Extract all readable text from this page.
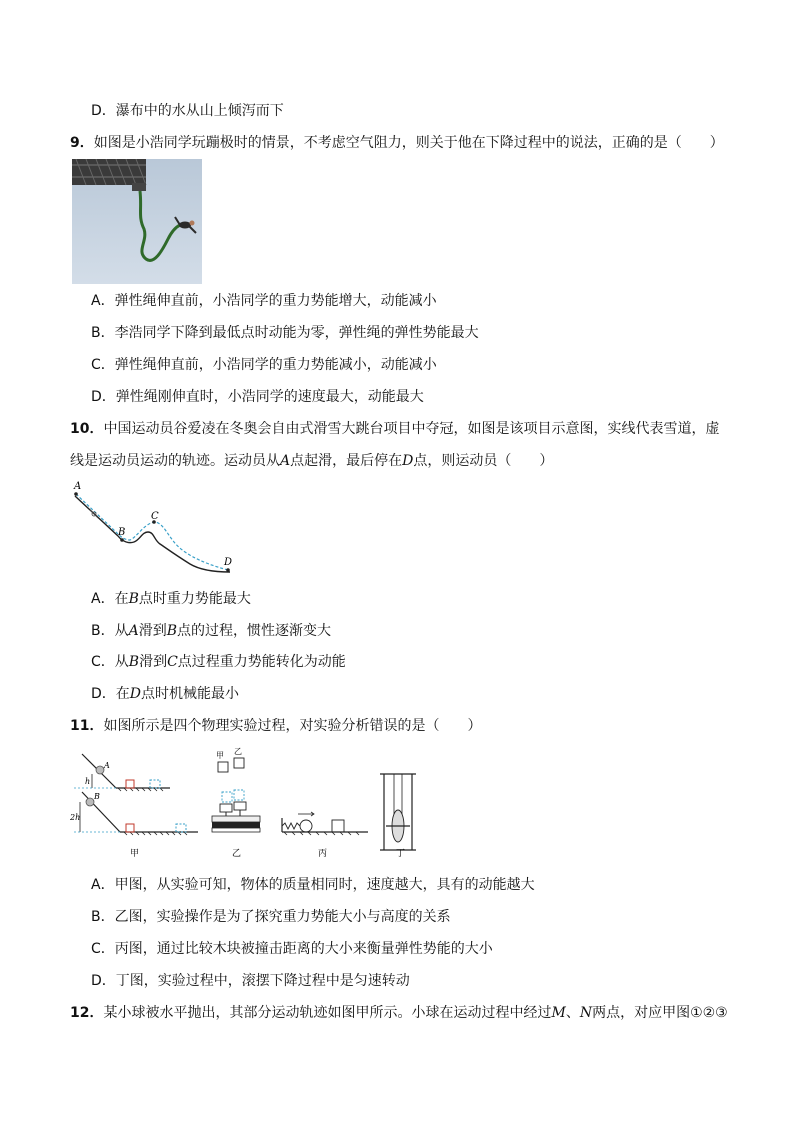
D．瀑布中的水从山上倾泻而下
9．如图是小浩同学玩蹦极时的情景，不考虑空气阻力，则关于他在下降过程中的说法，正确的是（　　）
A．弹性绳伸直前，小浩同学的重力势能增大，动能减小
B．李浩同学下降到最低点时动能为零，弹性绳的弹性势能最大
C．弹性绳伸直前，小浩同学的重力势能减小，动能减小
D．弹性绳刚伸直时，小浩同学的速度最大，动能最大
10．中国运动员谷爱凌在冬奥会自由式滑雪大跳台项目中夺冠，如图是该项目示意图，实线代表雪道，虚
线是运动员运动的轨迹。运动员从A点起滑，最后停在D点，则运动员（　　）
A
B
C
D
A．在B点时重力势能最大
B．从A滑到B点的过程，惯性逐渐变大
C．从B滑到C点过程重力势能转化为动能
D．在D点时机械能最小
11．如图所示是四个物理实验过程，对实验分析错误的是（　　）
A
h
B
2h
甲 乙
甲	乙	丙	丁
A．甲图，从实验可知，物体的质量相同时，速度越大，具有的动能越大
B．乙图，实验操作是为了探究重力势能大小与高度的关系
C．丙图，通过比较木块被撞击距离的大小来衡量弹性势能的大小
D．丁图，实验过程中，滚摆下降过程中是匀速转动
12．某小球被水平抛出，其部分运动轨迹如图甲所示。小球在运动过程中经过M、N两点，对应甲图①②③
